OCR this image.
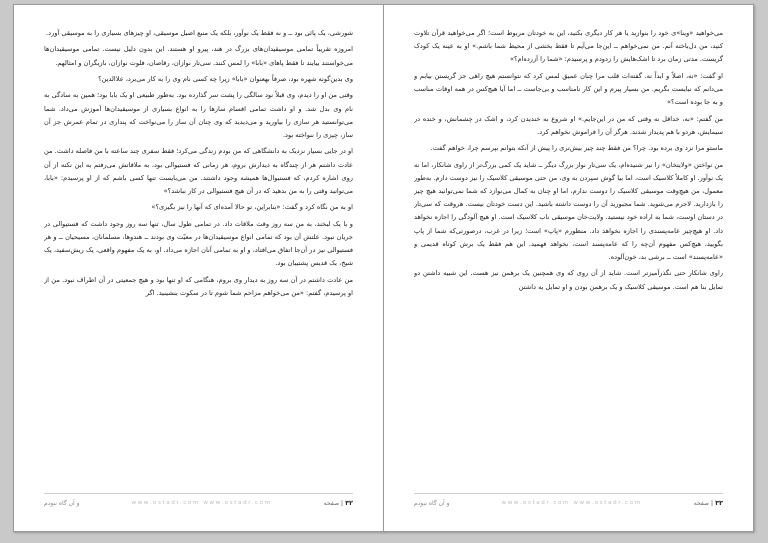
شورشی، یک پائی بود ــ و نه فقط یک نوآور، بلکه یک منبع اصیل موسیقی، او چیزهای بسیاری را به موسیقی آورد.

امروزه تقریباً تمامی موسیقیدان‌های بزرگ در هند، پیرو او هستند. این بدون دلیل نیست. تمامی موسیقیدان‌ها می‌خواستند بیایند تا فقط پاهای «بابا» را لمس کنند. سی‌تار نوازان، رقاصان، فلوت نوازان، بازیگران و امثالهم.

وی بدین‌گونه شهره بود، صرفاً بهعنوان «بابا» زیرا چه کسی نام وی را به کار می‌برد، علاالدین؟

وقتی من او را دیدم، وی قبلاً نود سالگی را پشت سر گذارده بود. به‌طور طبیعی او یک بابا بود؛ همین به سادگی به نام وی بدل شد. و او داشت تمامی اقسام سازها را به انواع بسیاری از موسیقیدان‌ها آموزش می‌داد. شما می‌توانستید هر سازی را بیاورید و می‌دیدید که وی چنان آن ساز را می‌نواخت که پنداری در تمام عمرش جز آن ساز، چیزی را ننواخته بود.

او در جایی بسیار نزدیک به دانشگاهی که من بودم زندگی می‌کرد؛ فقط سفری چند ساعته با من فاصله داشت. من عادت داشتم هر از چندگاه به دیدارش بروم، هر زمانی که فستیوالی بود، به ملاقاتش می‌رفتم به این نکته از آن روی اشاره کردم، که فستیوال‌ها همیشه وجود داشتند. من می‌بایست تنها کسی باشم که از او پرسیدم: «بابا، می‌توانید وقتی را به من بدهید که در آن هیچ فستیوالی در کار نباشد؟»

او به من نگاه کرد و گفت: «بنابراین، تو حالا آمده‌ای که آنها را نیز بگیری؟»

و با یک لبخند، به من سه روز وقت ملاقات داد. در تمامی طول سال، تنها سه روز وجود داشت که فستیوالی در جریان نبود. علتش آن بود که تمامی انواع موسیقیدان‌ها در معیّت وی بودند ــ هندوها، مسلمانان، مسیحیان ــ و هر فستیوالی نیز در آن‌جا اتفاق می‌افتاد، و او به تمامی آنان اجازه می‌داد. او، به یک مفهوم واقعی، یک ریش‌سفید، یک شیخ، یک قدیس پشتیبان بود.

من عادت داشتم در آن سه روز به دیدار وی بروم، هنگامی که او تنها بود و هیچ جمعیتی در آن اطراف نبود. من از او پرسیدم، گفتم: «من می‌خواهم مزاحم شما شوم تا در سکوت بنشینید. اگر

۳۲|صفحه
www.ostadr.com www.ostadr.com
و آن گاه نبودم

می‌خواهید «وینا»ی خود را بنوازید یا هر کار دیگری بکنید، این به خودتان مربوط است؛ اگر می‌خواهید قرآن تلاوت کنید، من دل‌باخته آنم. من نمی‌خواهم ــ این‌جا می‌آیم تا فقط بخشی از محیط شما باشم.» او به عینه یک کودک گریست. مدتی زمان برد تا اشک‌هایش را زدودم و پرسیدم: «شما را آزرده‌ام؟»

او گفت: «نه، اصلاً و ابداً نه. گفته‌ات قلب مرا چنان عمیق لمس کرد که نتوانستم هیچ راهی جز گریستن بیابم و می‌دانم که نبایست بگریم. من بسیار پیرم و این کار نامناسب و بی‌جاست ــ اما آیا هیچ‌کس در همه اوقات مناسب و به جا بوده است؟»

من گفتم: «نه، خداقل نه وقتی که من در این‌جایم.» او شروع به خندیدن کرد، و اشک در چشمانش، و خنده در سیمایش، هردو با هم پدیدار شدند. هرگز آن را فراموش نخواهم کرد.

ماستو مرا نزد وی برده بود. چرا؟ من فقط چند چیز بیش‌تری را پیش از آنکه بتوانم بپرسم چرا، خواهم گفت.

من نواختن «ولایتخان» را نیز شنیده‌ام، یک سی‌تار نواز بزرگ دیگر ــ شاید یک کمی بزرگ‌تر از راوی شانکار، اما نه یک نوآور. او کاملاً کلاسیک است، اما بیا گوش سپردن به وی، من حتی موسیقی کلاسیک را نیز دوست دارم. به‌طور معمول، من هیچ‌وقت موسیقی کلاسیک را دوست ندارم، اما او چنان به کمال می‌نوازد که شما نمی‌توانید هیچ چیز را بازدارید. لاجرم می‌شوید. شما مجبورید آن را دوست داشته باشید. این دست خودتان نیست. هروقت که سی‌تار در دستان اوست، شما به اراده خود نیستید. ولایت‌خان موسیقی ناب کلاسیک است. او هیچ آلودگی را اجازه نخواهد داد. او هیچ‌چیز عامه‌پسندی را اجازه نخواهد داد. منظورم «پاپ» است؛ زیرا در غرب، درصورتی‌که شما از پاپ بگویید، هیچ‌کس مفهوم آن‌چه را که عامه‌پسند است، نخواهد فهمید. این هم فقط یک برش کوتاه قدیمی و «عامه‌پسند» است ــ برشی بد، خون‌آلوده.

راوی شانکار حتی نگذرآمیزتر است. شاید از آن روی که وی همچنین یک برهمن نیز هست. این شبیه داشتن دو تمایل بنا هم است. موسیقی کلاسیک و یک برهمن بودن و او تمایل به داشتن

۳۳|صفحه
www.ostadr.com www.ostadr.com
و آن گاه نبودم
